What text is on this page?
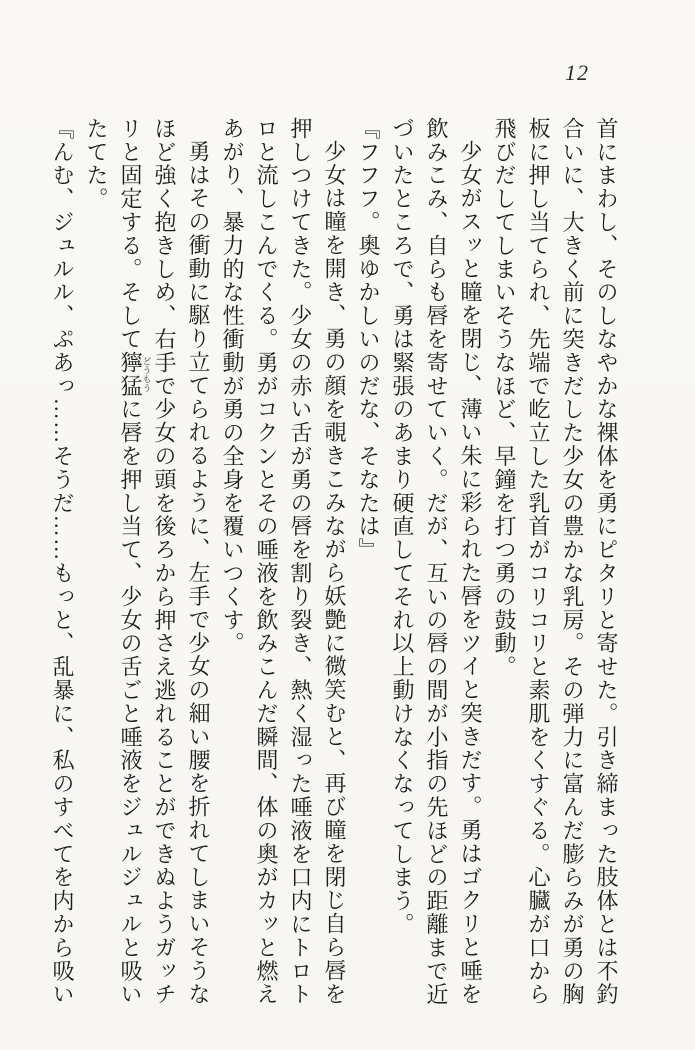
12

首にまわし、そのしなやかな裸体を勇にピタリと寄せた。引き締まった肢体とは不釣合いに、大きく前に突きだした少女の豊かな乳房。その弾力に富んだ膨らみが勇の胸板に押し当てられ、先端で屹立した乳首がコリコリと素肌をくすぐる。心臓が口から飛びだしてしまいそうなほど、早鐘を打つ勇の鼓動。

少女がスッと瞳を閉じ、薄い朱に彩られた唇をツイと突きだす。勇はゴクリと唾を飲みこみ、自らも唇を寄せていく。だが、互いの唇の間が小指の先ほどの距離まで近づいたところで、勇は緊張のあまり硬直してそれ以上動けなくなってしまう。

『フフフ。奥ゆかしいのだな、そなたは』

少女は瞳を開き、勇の顔を覗きこみながら妖艶に微笑むと、再び瞳を閉じ自ら唇を押しつけてきた。少女の赤い舌が勇の唇を割り裂き、熱く湿った唾液を口内にトロトロと流しこんでくる。勇がコクンとその唾液を飲みこんだ瞬間、体の奥がカッと燃えあがり、暴力的な性衝動が勇の全身を覆いつくす。

勇はその衝動に駆り立てられるように、左手で少女の細い腰を折れてしまいそうなほど強く抱きしめ、右手で少女の頭を後ろから押さえ逃れることができぬようガッチリと固定する。そして獰猛どうもうに唇を押し当て、少女の舌ごと唾液をジュルジュルと吸いたてた。

『んむ、ジュルル、ぷあっ……そうだ……もっと、乱暴に、私のすべてを内から吸い
